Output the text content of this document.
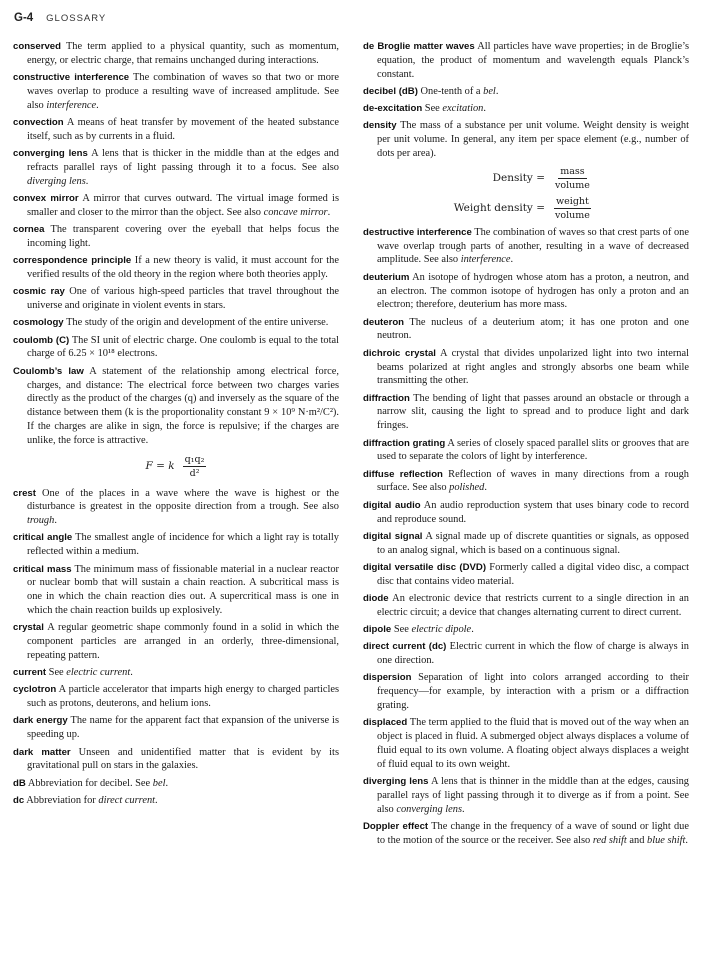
G-4 GLOSSARY

conserved The term applied to a physical quantity, such as momentum, energy, or electric charge, that remains unchanged during interactions.

constructive interference The combination of waves so that two or more waves overlap to produce a resulting wave of increased amplitude. See also interference.

convection A means of heat transfer by movement of the heated substance itself, such as by currents in a fluid.

converging lens A lens that is thicker in the middle than at the edges and refracts parallel rays of light passing through it to a focus. See also diverging lens.

convex mirror A mirror that curves outward. The virtual image formed is smaller and closer to the mirror than the object. See also concave mirror.

cornea The transparent covering over the eyeball that helps focus the incoming light.

correspondence principle If a new theory is valid, it must account for the verified results of the old theory in the region where both theories apply.

cosmic ray One of various high-speed particles that travel throughout the universe and originate in violent events in stars.

cosmology The study of the origin and development of the entire universe.

coulomb (C) The SI unit of electric charge. One coulomb is equal to the total charge of 6.25 × 10¹⁸ electrons.

Coulomb’s law A statement of the relationship among electrical force, charges, and distance: The electrical force between two charges varies directly as the product of the charges (q) and inversely as the square of the distance between them (k is the proportionality constant 9 × 10⁹ N·m²/C²). If the charges are alike in sign, the force is repulsive; if the charges are unlike, the force is attractive.

F = k $\frac{\text{q₁q₂}}{\text{d²}}$

crest One of the places in a wave where the wave is highest or the disturbance is greatest in the opposite direction from a trough. See also trough.

critical angle The smallest angle of incidence for which a light ray is totally reflected within a medium.

critical mass The minimum mass of fissionable material in a nuclear reactor or nuclear bomb that will sustain a chain reaction. A subcritical mass is one in which the chain reaction dies out. A supercritical mass is one in which the chain reaction builds up explosively.

crystal A regular geometric shape commonly found in a solid in which the component particles are arranged in an orderly, three-dimensional, repeating pattern.

current See electric current.

cyclotron A particle accelerator that imparts high energy to charged particles such as protons, deuterons, and helium ions.

dark energy The name for the apparent fact that expansion of the universe is speeding up.

dark matter Unseen and unidentified matter that is evident by its gravitational pull on stars in the galaxies.

dB Abbreviation for decibel. See bel.

dc Abbreviation for direct current.

de Broglie matter waves All particles have wave properties; in de Broglie’s equation, the product of momentum and wavelength equals Planck’s constant.

decibel (dB) One-tenth of a bel.

de-excitation See excitation.

density The mass of a substance per unit volume. Weight density is weight per unit volume. In general, any item per space element (e.g., number of dots per area).

Density = $\frac{\text{mass}}{\text{volume}}$
Weight density = $\frac{\text{weight}}{\text{volume}}$

destructive interference The combination of waves so that crest parts of one wave overlap trough parts of another, resulting in a wave of decreased amplitude. See also interference.

deuterium An isotope of hydrogen whose atom has a proton, a neutron, and an electron. The common isotope of hydrogen has only a proton and an electron; therefore, deuterium has more mass.

deuteron The nucleus of a deuterium atom; it has one proton and one neutron.

dichroic crystal A crystal that divides unpolarized light into two internal beams polarized at right angles and strongly absorbs one beam while transmitting the other.

diffraction The bending of light that passes around an obstacle or through a narrow slit, causing the light to spread and to produce light and dark fringes.

diffraction grating A series of closely spaced parallel slits or grooves that are used to separate the colors of light by interference.

diffuse reflection Reflection of waves in many directions from a rough surface. See also polished.

digital audio An audio reproduction system that uses binary code to record and reproduce sound.

digital signal A signal made up of discrete quantities or signals, as opposed to an analog signal, which is based on a continuous signal.

digital versatile disc (DVD) Formerly called a digital video disc, a compact disc that contains video material.

diode An electronic device that restricts current to a single direction in an electric circuit; a device that changes alternating current to direct current.

dipole See electric dipole.

direct current (dc) Electric current in which the flow of charge is always in one direction.

dispersion Separation of light into colors arranged according to their frequency—for example, by interaction with a prism or a diffraction grating.

displaced The term applied to the fluid that is moved out of the way when an object is placed in fluid. A submerged object always displaces a volume of fluid equal to its own volume. A floating object always displaces a weight of fluid equal to its own weight.

diverging lens A lens that is thinner in the middle than at the edges, causing parallel rays of light passing through it to diverge as if from a point. See also converging lens.

Doppler effect The change in the frequency of a wave of sound or light due to the motion of the source or the receiver. See also red shift and blue shift.
